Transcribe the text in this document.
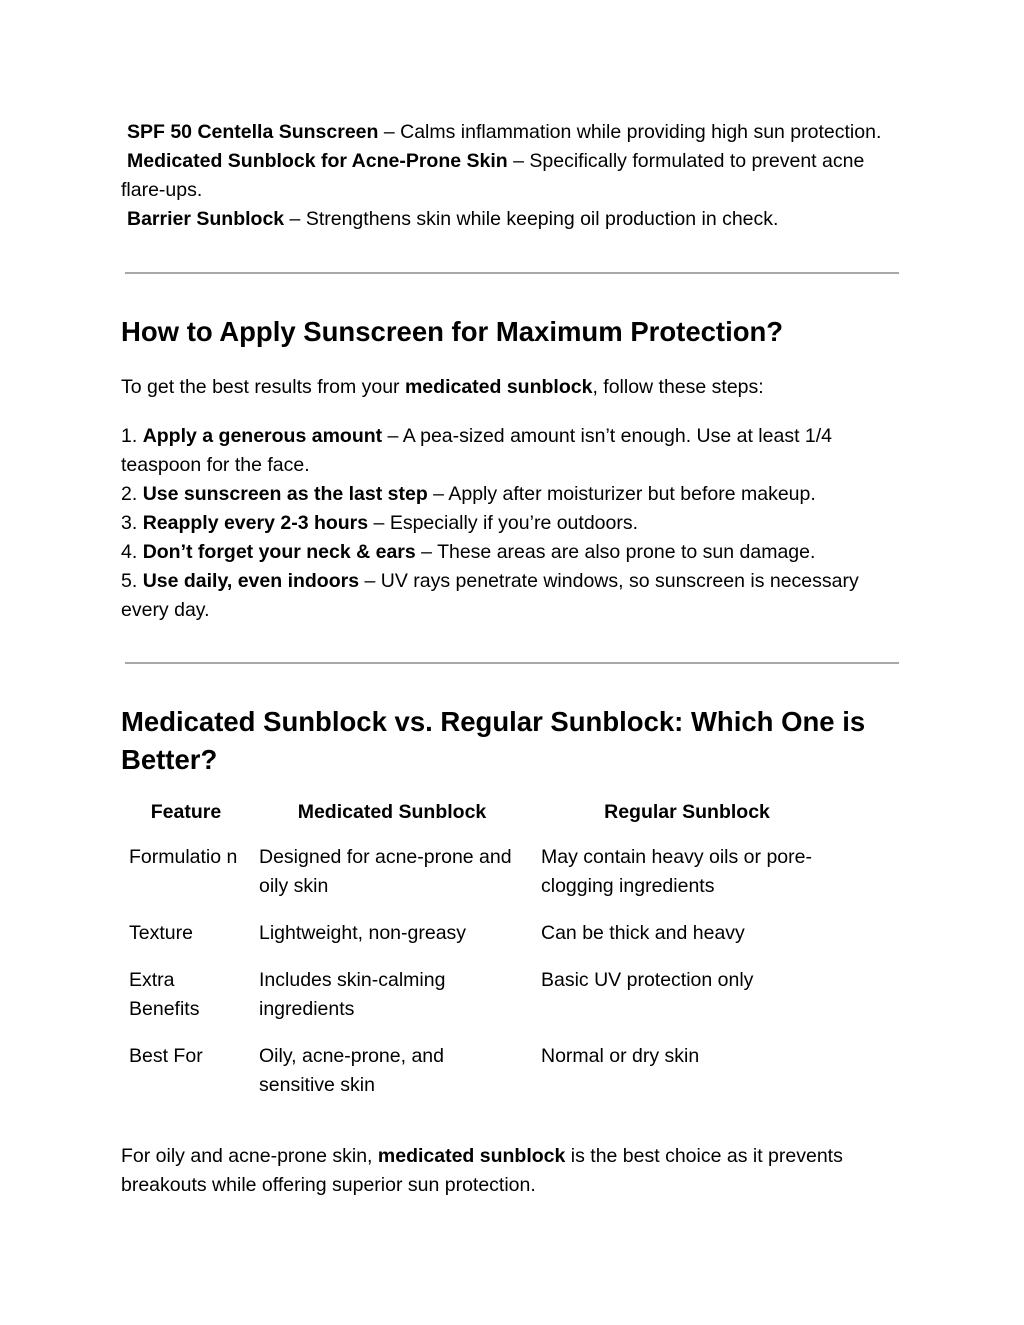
SPF 50 Centella Sunscreen – Calms inflammation while providing high sun protection.
Medicated Sunblock for Acne-Prone Skin – Specifically formulated to prevent acne flare-ups.
Barrier Sunblock – Strengthens skin while keeping oil production in check.
How to Apply Sunscreen for Maximum Protection?

To get the best results from your medicated sunblock, follow these steps:

1. Apply a generous amount – A pea-sized amount isn’t enough. Use at least 1/4 teaspoon for the face.
2. Use sunscreen as the last step – Apply after moisturizer but before makeup.
3. Reapply every 2-3 hours – Especially if you’re outdoors.
4. Don’t forget your neck & ears – These areas are also prone to sun damage.
5. Use daily, even indoors – UV rays penetrate windows, so sunscreen is necessary every day.
Medicated Sunblock vs. Regular Sunblock: Which One is Better?
Feature	Medicated Sunblock	Regular Sunblock
Formulatio n	Designed for acne-prone and oily skin	May contain heavy oils or pore-clogging ingredients
Texture	Lightweight, non-greasy	Can be thick and heavy
Extra Benefits	Includes skin-calming ingredients	Basic UV protection only
Best For	Oily, acne-prone, and sensitive skin	Normal or dry skin

For oily and acne-prone skin, medicated sunblock is the best choice as it prevents breakouts while offering superior sun protection.
